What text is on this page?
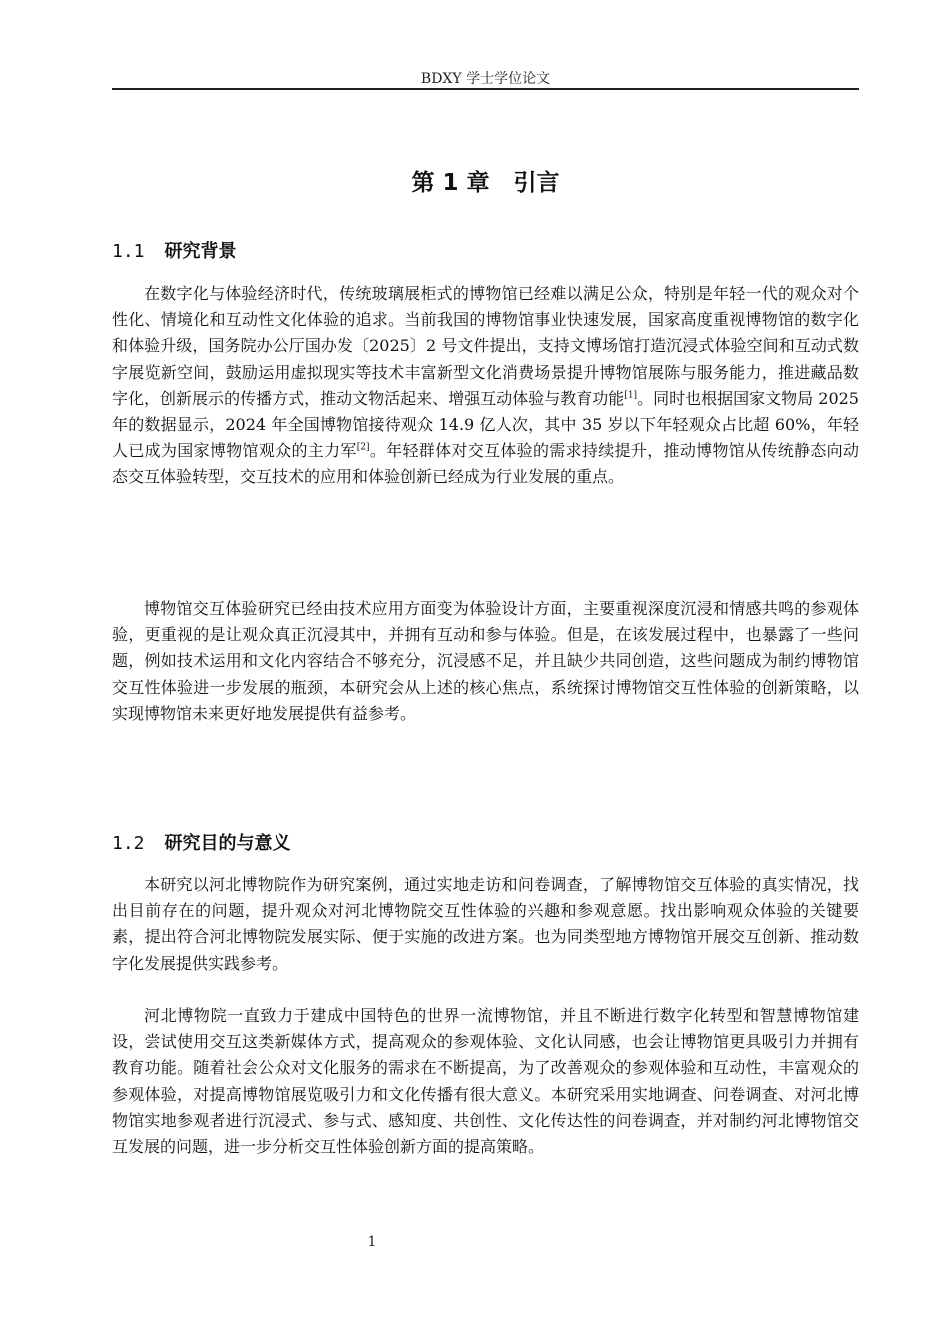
BDXY 学士学位论文
第 1 章 引言
1.1 研究背景

在数字化与体验经济时代，传统玻璃展柜式的博物馆已经难以满足公众，特别是年轻一代的观众对个性化、情境化和互动性文化体验的追求。当前我国的博物馆事业快速发展，国家高度重视博物馆的数字化和体验升级，国务院办公厅国办发〔2025〕2 号文件提出，支持文博场馆打造沉浸式体验空间和互动式数字展览新空间，鼓励运用虚拟现实等技术丰富新型文化消费场景提升博物馆展陈与服务能力，推进藏品数字化，创新展示的传播方式，推动文物活起来、增强互动体验与教育功能[1]。同时也根据国家文物局 2025 年的数据显示，2024 年全国博物馆接待观众 14.9 亿人次，其中 35 岁以下年轻观众占比超 60%，年轻人已成为国家博物馆观众的主力军[2]。年轻群体对交互体验的需求持续提升，推动博物馆从传统静态向动态交互体验转型，交互技术的应用和体验创新已经成为行业发展的重点。

博物馆交互体验研究已经由技术应用方面变为体验设计方面，主要重视深度沉浸和情感共鸣的参观体验，更重视的是让观众真正沉浸其中，并拥有互动和参与体验。但是，在该发展过程中，也暴露了一些问题，例如技术运用和文化内容结合不够充分，沉浸感不足，并且缺少共同创造，这些问题成为制约博物馆交互性体验进一步发展的瓶颈，本研究会从上述的核心焦点，系统探讨博物馆交互性体验的创新策略，以实现博物馆未来更好地发展提供有益参考。

1.2 研究目的与意义

本研究以河北博物院作为研究案例，通过实地走访和问卷调查，了解博物馆交互体验的真实情况，找出目前存在的问题，提升观众对河北博物院交互性体验的兴趣和参观意愿。找出影响观众体验的关键要素，提出符合河北博物院发展实际、便于实施的改进方案。也为同类型地方博物馆开展交互创新、推动数字化发展提供实践参考。

河北博物院一直致力于建成中国特色的世界一流博物馆，并且不断进行数字化转型和智慧博物馆建设，尝试使用交互这类新媒体方式，提高观众的参观体验、文化认同感，也会让博物馆更具吸引力并拥有教育功能。随着社会公众对文化服务的需求在不断提高，为了改善观众的参观体验和互动性，丰富观众的参观体验，对提高博物馆展览吸引力和文化传播有很大意义。本研究采用实地调查、问卷调查、对河北博物馆实地参观者进行沉浸式、参与式、感知度、共创性、文化传达性的问卷调查，并对制约河北博物馆交互发展的问题，进一步分析交互性体验创新方面的提高策略。

1
